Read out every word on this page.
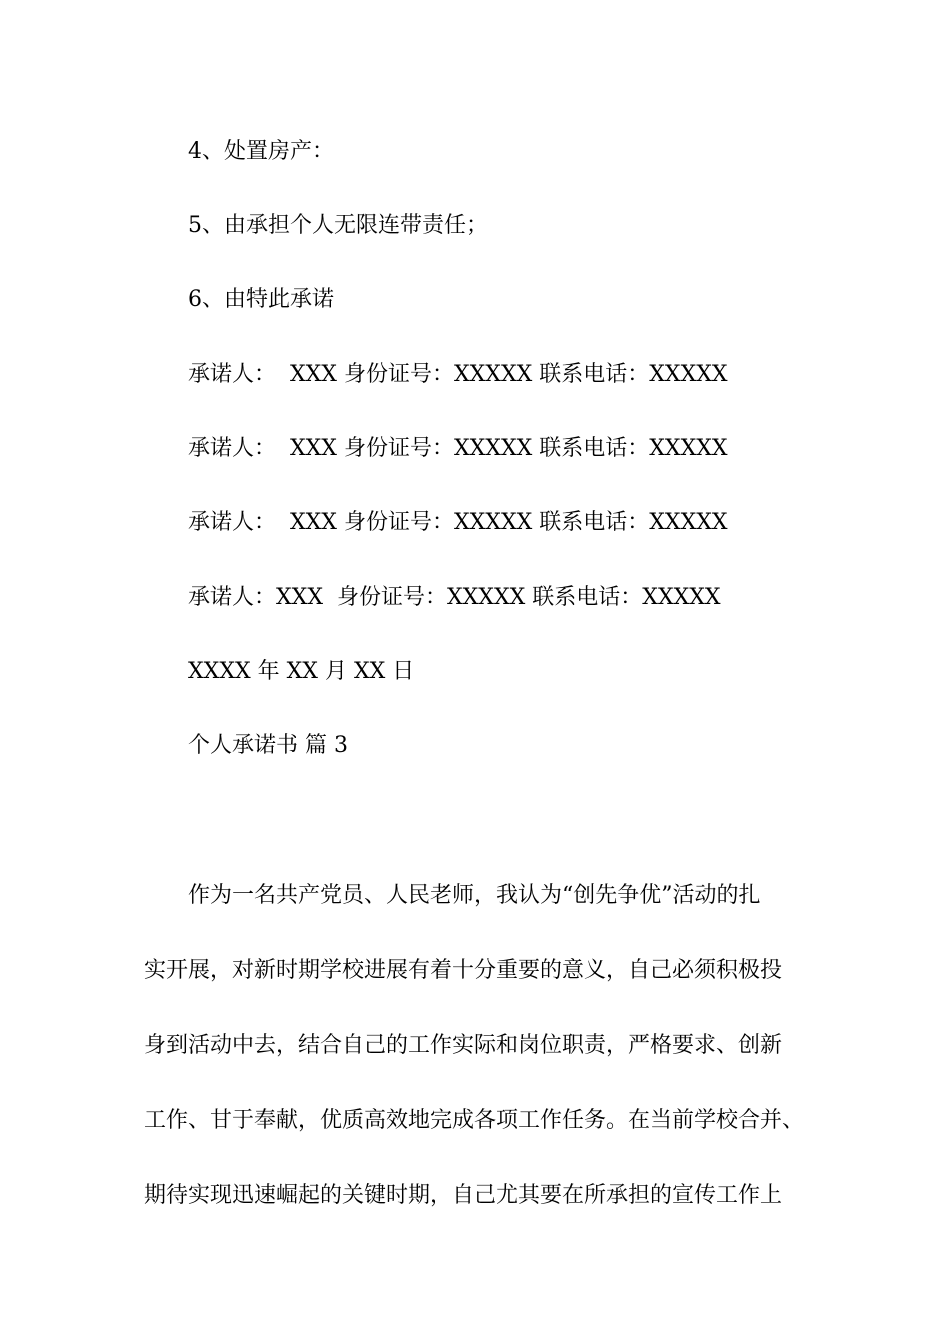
4、处置房产：

5、由承担个人无限连带责任；

6、由特此承诺

承诺人：  XXX 身份证号：XXXXX 联系电话：XXXXX

承诺人：  XXX 身份证号：XXXXX 联系电话：XXXXX

承诺人：  XXX 身份证号：XXXXX 联系电话：XXXXX

承诺人：XXX  身份证号：XXXXX 联系电话：XXXXX

XXXX 年 XX 月 XX 日

个人承诺书 篇 3

作为一名共产党员、人民老师，我认为“创先争优”活动的扎

实开展，对新时期学校进展有着十分重要的意义，自己必须积极投

身到活动中去，结合自己的工作实际和岗位职责，严格要求、创新

工作、甘于奉献，优质高效地完成各项工作任务。在当前学校合并、

期待实现迅速崛起的关键时期，自己尤其要在所承担的宣传工作上
